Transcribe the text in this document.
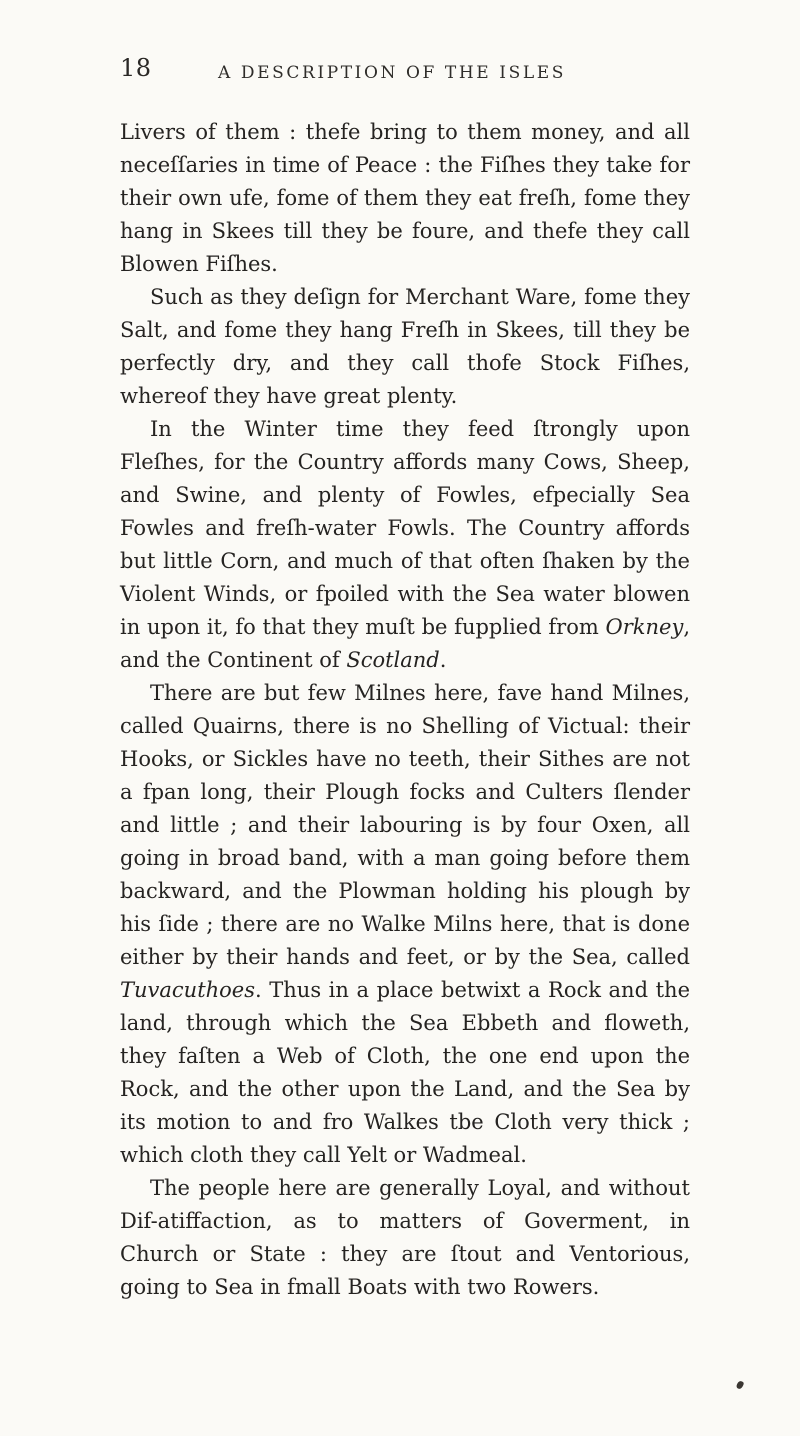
18	A DESCRIPTION OF THE ISLES

Livers of them : thefe bring to them money, and all neceſſaries in time of Peace : the Fiſhes they take for their own ufe, fome of them they eat freſh, fome they hang in Skees till they be foure, and thefe they call Blowen Fiſhes.

Such as they deſign for Merchant Ware, fome they Salt, and fome they hang Freſh in Skees, till they be perfectly dry, and they call thofe Stock Fiſhes, whereof they have great plenty.

In the Winter time they feed ſtrongly upon Fleſhes, for the Country affords many Cows, Sheep, and Swine, and plenty of Fowles, efpecially Sea Fowles and freſh-water Fowls. The Country affords but little Corn, and much of that often ſhaken by the Violent Winds, or fpoiled with the Sea water blowen in upon it, fo that they muſt be fupplied from Orkney, and the Continent of Scotland.

There are but few Milnes here, fave hand Milnes, called Quairns, there is no Shelling of Victual: their Hooks, or Sickles have no teeth, their Sithes are not a fpan long, their Plough focks and Culters ſlender and little ; and their labouring is by four Oxen, all going in broad band, with a man going before them backward, and the Plowman holding his plough by his ſide ; there are no Walke Milns here, that is done either by their hands and feet, or by the Sea, called Tuvacuthoes. Thus in a place betwixt a Rock and the land, through which the Sea Ebbeth and floweth, they faſten a Web of Cloth, the one end upon the Rock, and the other upon the Land, and the Sea by its motion to and fro Walkes tbe Cloth very thick ; which cloth they call Yelt or Wadmeal.

The people here are generally Loyal, and without Dif-atiffaction, as to matters of Goverment, in Church or State : they are ſtout and Ventorious, going to Sea in fmall Boats with two Rowers.
